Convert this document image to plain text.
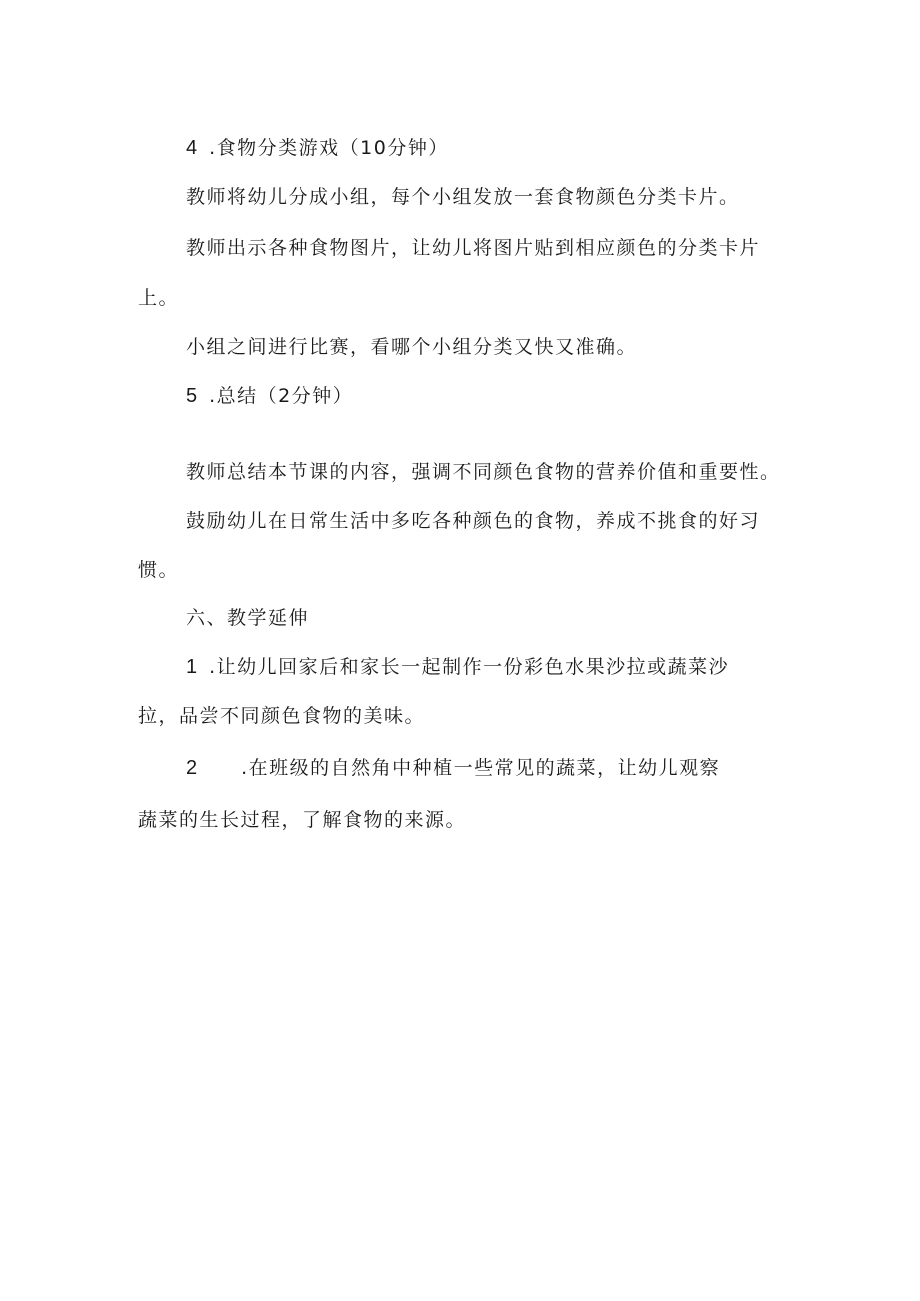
4 .食物分类游戏（10分钟）
教师将幼儿分成小组，每个小组发放一套食物颜色分类卡片。
教师出示各种食物图片，让幼儿将图片贴到相应颜色的分类卡片
上。
小组之间进行比赛，看哪个小组分类又快又准确。
5 .总结（2分钟）
教师总结本节课的内容，强调不同颜色食物的营养价值和重要性。
鼓励幼儿在日常生活中多吃各种颜色的食物，养成不挑食的好习
惯。
六、教学延伸
1 .让幼儿回家后和家长一起制作一份彩色水果沙拉或蔬菜沙
拉，品尝不同颜色食物的美味。
2 .在班级的自然角中种植一些常见的蔬菜，让幼儿观察
蔬菜的生长过程，了解食物的来源。
